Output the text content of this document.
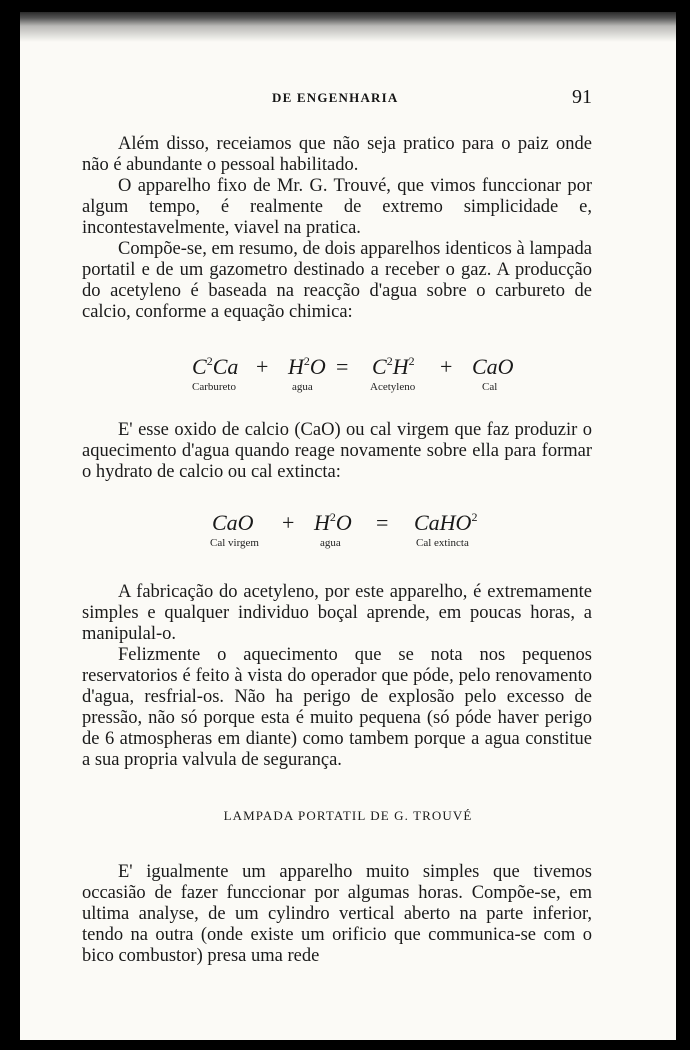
DE ENGENHARIA	91

Além disso, receiamos que não seja pratico para o paiz onde não é abundante o pessoal habilitado.

O apparelho fixo de Mr. G. Trouvé, que vimos funccionar por algum tempo, é realmente de extremo simplicidade e, incontestavelmente, viavel na pratica.

Compõe-se, em resumo, de dois apparelhos identicos à lampada portatil e de um gazometro destinado a receber o gaz. A producção do acetyleno é baseada na reacção d'agua sobre o carbureto de calcio, conforme a equação chimica:

$C^2Ca + H^2O = C^2H^2$ + CaO
Carbureto	agua	Acetyleno	Cal

E' esse oxido de calcio (CaO) ou cal virgem que faz produzir o aquecimento d'agua quando reage novamente sobre ella para formar o hydrato de calcio ou cal extincta:

CaO + $H^2O$ = CaHO$^2$
Cal virgem	agua	Cal extincta

A fabricação do acetyleno, por este apparelho, é extremamente simples e qualquer individuo boçal aprende, em poucas horas, a manipulal-o.

Felizmente o aquecimento que se nota nos pequenos reservatorios é feito à vista do operador que póde, pelo renovamento d'agua, resfrial-os. Não ha perigo de explosão pelo excesso de pressão, não só porque esta é muito pequena (só póde haver perigo de 6 atmospheras em diante) como tambem porque a agua constitue a sua propria valvula de segurança.

LAMPADA PORTATIL DE G. TROUVÉ

E' igualmente um apparelho muito simples que tivemos occasião de fazer funccionar por algumas horas. Compõe-se, em ultima analyse, de um cylindro vertical aberto na parte inferior, tendo na outra (onde existe um orificio que communica-se com o bico combustor) presa uma rede
